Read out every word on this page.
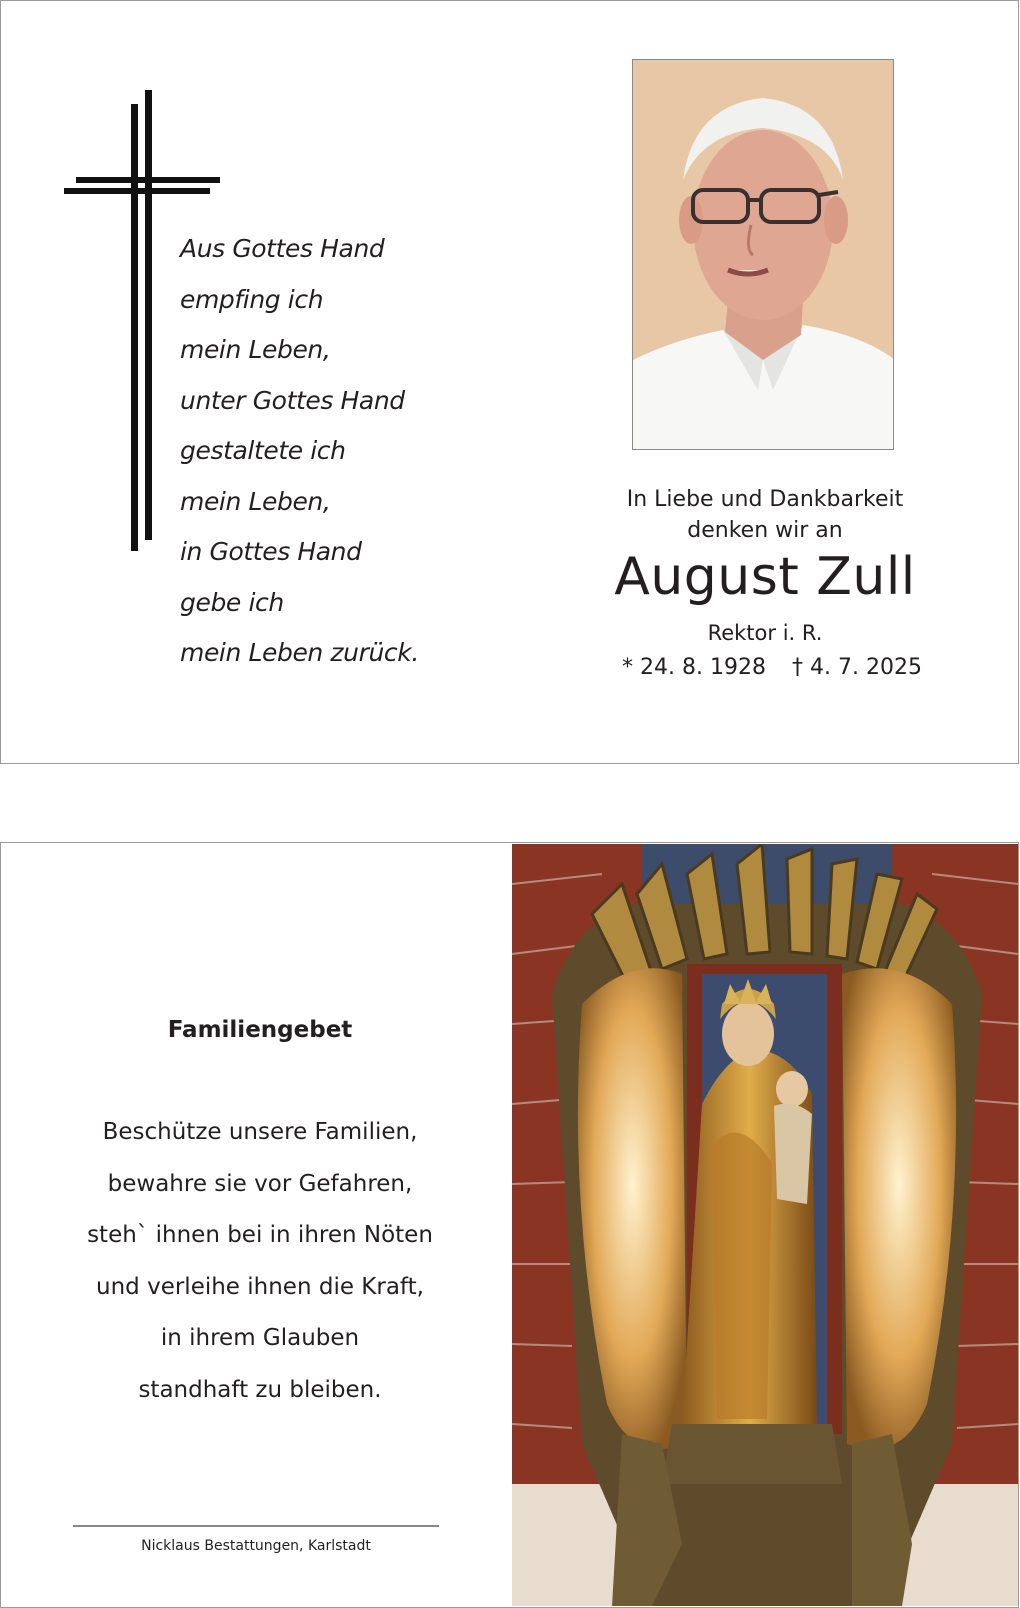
Aus Gottes Hand
empfing ich
mein Leben,
unter Gottes Hand
gestaltete ich
mein Leben,
in Gottes Hand
gebe ich
mein Leben zurück.
In Liebe und Dankbarkeit
denken wir an
August Zull
Rektor i. R.
* 24. 8. 1928 † 4. 7. 2025
Familiengebet
Beschütze unsere Familien,
bewahre sie vor Gefahren,
steh` ihnen bei in ihren Nöten
und verleihe ihnen die Kraft,
in ihrem Glauben
standhaft zu bleiben.
Nicklaus Bestattungen, Karlstadt
